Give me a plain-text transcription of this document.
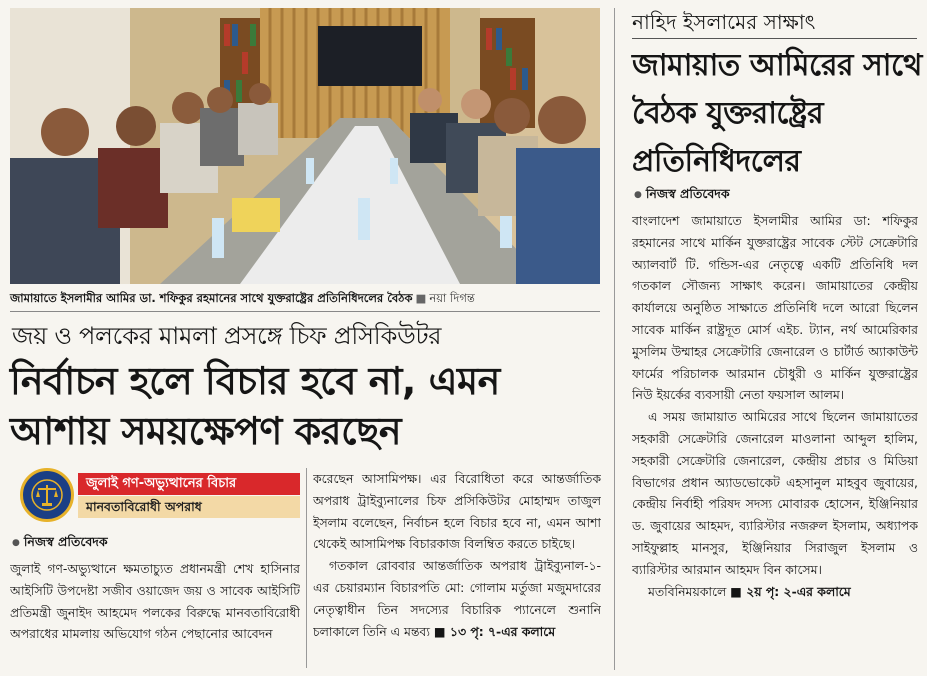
জামায়াতে ইসলামীর আমির ডা. শফিকুর রহমানের সাথে যুক্তরাষ্ট্রের প্রতিনিধিদলের বৈঠক ■ নয়া দিগন্ত
জয় ও পলকের মামলা প্রসঙ্গে চিফ প্রসিকিউটর
নির্বাচন হলে বিচার হবে না, এমন আশায় সময়ক্ষেপণ করছেন
জুলাই গণ-অভ্যুত্থানের বিচার
মানবতাবিরোধী অপরাধ
● নিজস্ব প্রতিবেদক

জুলাই গণ-অভ্যুত্থানে ক্ষমতাচ্যুত প্রধানমন্ত্রী শেখ হাসিনার আইসিটি উপদেষ্টা সজীব ওয়াজেদ জয় ও সাবেক আইসিটি প্রতিমন্ত্রী জুনাইদ আহমেদ পলকের বিরুদ্ধে মানবতাবিরোধী অপরাধের মামলায় অভিযোগ গঠন পেছানোর আবেদন

করেছেন আসামিপক্ষ। এর বিরোধিতা করে আন্তর্জাতিক অপরাধ ট্রাইব্যুনালের চিফ প্রসিকিউটর মোহাম্মদ তাজুল ইসলাম বলেছেন, নির্বাচন হলে বিচার হবে না, এমন আশা থেকেই আসামিপক্ষ বিচারকাজ বিলম্বিত করতে চাইছে।

গতকাল রোববার আন্তর্জাতিক অপরাধ ট্রাইব্যুনাল-১-এর চেয়ারম্যান বিচারপতি মো: গোলাম মর্তুজা মজুমদারের নেতৃত্বাধীন তিন সদস্যের বিচারিক প্যানেলে শুনানি চলাকালে তিনি এ মন্তব্য ■ ১৩ পৃ: ৭-এর কলামে

নাহিদ ইসলামের সাক্ষাৎ
জামায়াত আমিরের সাথে বৈঠক যুক্তরাষ্ট্রের প্রতিনিধিদলের
● নিজস্ব প্রতিবেদক

বাংলাদেশ জামায়াতে ইসলামীর আমির ডা: শফিকুর রহমানের সাথে মার্কিন যুক্তরাষ্ট্রের সাবেক স্টেট সেক্রেটারি অ্যালবার্ট টি. গন্ডিস-এর নেতৃত্বে একটি প্রতিনিধি দল গতকাল সৌজন্য সাক্ষাৎ করেন। জামায়াতের কেন্দ্রীয় কার্যালয়ে অনুষ্ঠিত সাক্ষাতে প্রতিনিধি দলে আরো ছিলেন সাবেক মার্কিন রাষ্ট্রদূত মোর্স এইচ. ট্যান, নর্থ আমেরিকার মুসলিম উম্মাহর সেক্রেটারি জেনারেল ও চার্টার্ড অ্যাকাউন্ট ফার্মের পরিচালক আরমান চৌধুরী ও মার্কিন যুক্তরাষ্ট্রের নিউ ইয়র্কের ব্যবসায়ী নেতা ফয়সাল আলম।

এ সময় জামায়াত আমিরের সাথে ছিলেন জামায়াতের সহকারী সেক্রেটারি জেনারেল মাওলানা আব্দুল হালিম, সহকারী সেক্রেটারি জেনারেল, কেন্দ্রীয় প্রচার ও মিডিয়া বিভাগের প্রধান অ্যাডভোকেট এহসানুল মাহবুব জুবায়ের, কেন্দ্রীয় নির্বাহী পরিষদ সদস্য মোবারক হোসেন, ইঞ্জিনিয়ার ড. জুবায়ের আহমদ, ব্যারিস্টার নজরুল ইসলাম, অধ্যাপক সাইফুল্লাহ মানসুর, ইঞ্জিনিয়ার সিরাজুল ইসলাম ও ব্যারিস্টার আরমান আহমদ বিন কাসেম।

মতবিনিময়কালে ■ ২য় পৃ: ২-এর কলামে
